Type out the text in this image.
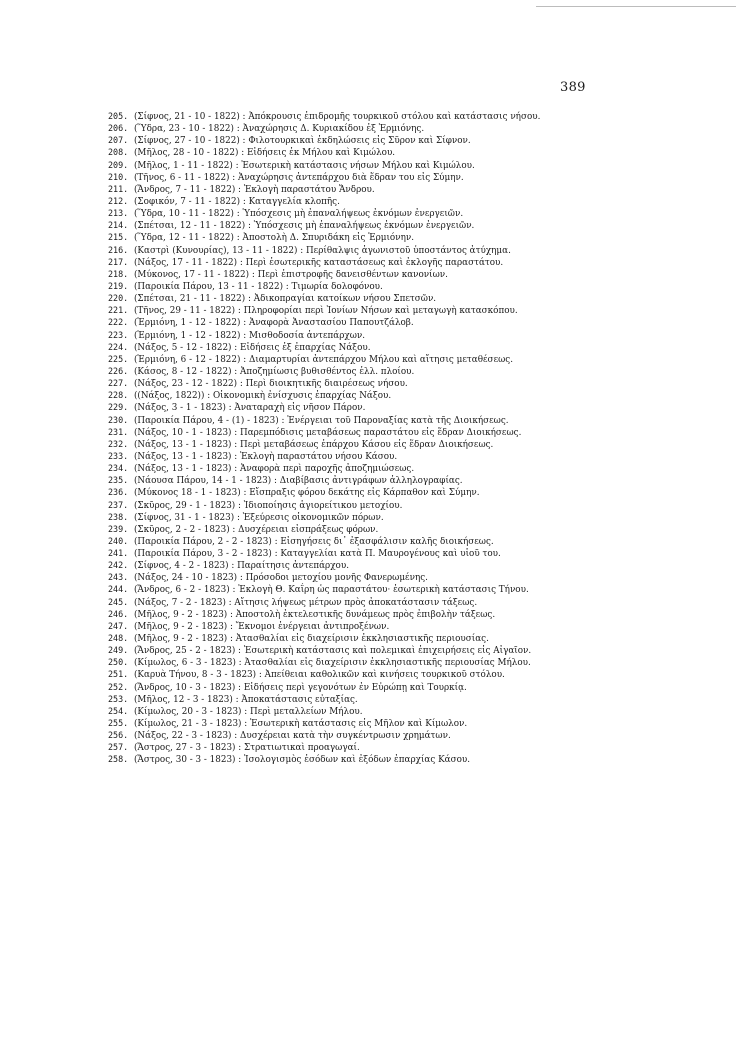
389
205. (Σίφνος, 21 - 10 - 1822) : Ἀπόκρουσις ἐπιδρομῆς τουρκικοῦ στόλου καὶ κατάστασις νήσου.
206. (Ὕδρα, 23 - 10 - 1822) : Ἀναχώρησις Δ. Κυριακίδου ἐξ Ἑρμιόνης.
207. (Σίφνος, 27 - 10 - 1822) : Φιλοτουρκικαὶ ἐκδηλώσεις εἰς Σῦρον καὶ Σίφνον.
208. (Μῆλος, 28 - 10 - 1822) : Εἰδήσεις ἐκ Μήλου καὶ Κιμώλου.
209. (Μῆλος, 1 - 11 - 1822) : Ἐσωτερικὴ κατάστασις νήσων Μήλου καὶ Κιμώλου.
210. (Τῆνος, 6 - 11 - 1822) : Ἀναχώρησις ἀντεπάρχου διὰ ἕδραν του εἰς Σύμην.
211. (Ἄνδρος, 7 - 11 - 1822) : Ἐκλογὴ παραστάτου Ἄνδρου.
212. (Σοφικόν, 7 - 11 - 1822) : Καταγγελία κλοπῆς.
213. (Ὕδρα, 10 - 11 - 1822) : Ὑπόσχεσις μὴ ἐπαναλήψεως ἐκνόμων ἐνεργειῶν.
214. (Σπέτσαι, 12 - 11 - 1822) : Ὑπόσχεσις μὴ ἐπαναλήψεως ἐκνόμων ἐνεργειῶν.
215. (Ὕδρα, 12 - 11 - 1822) : Ἀποστολὴ Δ. Σπυριδάκη εἰς Ἑρμιόνην.
216. (Καστρὶ (Κυνουρίας), 13 - 11 - 1822) : Περίθαλψις ἀγωνιστοῦ ὑποστάντος ἀτύχημα.
217. (Νάξος, 17 - 11 - 1822) : Περὶ ἐσωτερικῆς καταστάσεως καὶ ἐκλογῆς παραστάτου.
218. (Μύκονος, 17 - 11 - 1822) : Περὶ ἐπιστροφῆς δανεισθέντων κανονίων.
219. (Παροικία Πάρου, 13 - 11 - 1822) : Τιμωρία δολοφόνου.
220. (Σπέτσαι, 21 - 11 - 1822) : Ἀδικοπραγίαι κατοίκων νήσου Σπετσῶν.
221. (Τῆνος, 29 - 11 - 1822) : Πληροφορίαι περὶ Ἰονίων Νήσων καὶ μεταγωγὴ κατασκόπου.
222. (Ἑρμιόνη, 1 - 12 - 1822) : Ἀναφορὰ Ἀναστασίου Παπουτζάλοβ.
223. (Ἑρμιόνη, 1 - 12 - 1822) : Μισθοδοσία ἀντεπάρχων.
224. (Νάξος, 5 - 12 - 1822) : Εἰδήσεις ἐξ ἐπαρχίας Νάξου.
225. (Ἑρμιόνη, 6 - 12 - 1822) : Διαμαρτυρίαι ἀντεπάρχου Μήλου καὶ αἴτησις μεταθέσεως.
226. (Κάσος, 8 - 12 - 1822) : Ἀποζημίωσις βυθισθέντος ἑλλ. πλοίου.
227. (Νάξος, 23 - 12 - 1822) : Περὶ διοικητικῆς διαιρέσεως νήσου.
228. ((Νάξος, 1822)) : Οἰκονομικὴ ἐνίσχυσις ἐπαρχίας Νάξου.
229. (Νάξος, 3 - 1 - 1823) : Ἀναταραχὴ εἰς νῆσον Πάρον.
230. (Παροικία Πάρου, 4 - (1) - 1823) : Ἐνέργειαι τοῦ Παροναξίας κατὰ τῆς Διοικήσεως.
231. (Νάξος, 10 - 1 - 1823) : Παρεμπόδισις μεταβάσεως παραστάτου εἰς ἕδραν Διοικήσεως.
232. (Νάξος, 13 - 1 - 1823) : Περὶ μεταβάσεως ἐπάρχου Κάσου εἰς ἕδραν Διοικήσεως.
233. (Νάξος, 13 - 1 - 1823) : Ἐκλογὴ παραστάτου νήσου Κάσου.
234. (Νάξος, 13 - 1 - 1823) : Ἀναφορὰ περὶ παροχῆς ἀποζημιώσεως.
235. (Νάουσα Πάρου, 14 - 1 - 1823) : Διαβίβασις ἀντιγράφων ἀλληλογραφίας.
236. (Μύκονος 18 - 1 - 1823) : Εἴσπραξις φόρου δεκάτης εἰς Κάρπαθον καὶ Σύμην.
237. (Σκῦρος, 29 - 1 - 1823) : Ἰδιοποίησις ἁγιορείτικου μετοχίου.
238. (Σίφνος, 31 - 1 - 1823) : Ἐξεύρεσις οἰκονομικῶν πόρων.
239. (Σκῦρος, 2 - 2 - 1823) : Δυσχέρειαι εἰσπράξεως φόρων.
240. (Παροικία Πάρου, 2 - 2 - 1823) : Εἰσηγήσεις δι᾽ ἐξασφάλισιν καλῆς διοικήσεως.
241. (Παροικία Πάρου, 3 - 2 - 1823) : Καταγγελίαι κατὰ Π. Μαυρογένους καὶ υἱοῦ του.
242. (Σίφνος, 4 - 2 - 1823) : Παραίτησις ἀντεπάρχου.
243. (Νάξος, 24 - 10 - 1823) : Πρόσοδοι μετοχίου μονῆς Φανερωμένης.
244. (Ἄνδρος, 6 - 2 - 1823) : Ἐκλογὴ Θ. Καΐρη ὡς παραστάτου· ἐσωτερικὴ κατάστασις Τήνου.
245. (Νάξος, 7 - 2 - 1823) : Αἴτησις λήψεως μέτρων πρὸς ἀποκατάστασιν τάξεως.
246. (Μῆλος, 9 - 2 - 1823) : Ἀποστολὴ ἐκτελεστικῆς δυνάμεως πρὸς ἐπιβολὴν τάξεως.
247. (Μῆλος, 9 - 2 - 1823) : Ἔκνομοι ἐνέργειαι ἀντιπροξένων.
248. (Μῆλος, 9 - 2 - 1823) : Ἀτασθαλίαι εἰς διαχείρισιν ἐκκλησιαστικῆς περιουσίας.
249. (Ἄνδρος, 25 - 2 - 1823) : Ἐσωτερικὴ κατάστασις καὶ πολεμικαὶ ἐπιχειρήσεις εἰς Αἰγαῖον.
250. (Κίμωλος, 6 - 3 - 1823) : Ἀτασθαλίαι εἰς διαχείρισιν ἐκκλησιαστικῆς περιουσίας Μήλου.
251. (Καρυὰ Τήνου, 8 - 3 - 1823) : Ἀπείθειαι καθολικῶν καὶ κινήσεις τουρκικοῦ στόλου.
252. (Ἄνδρος, 10 - 3 - 1823) : Εἰδήσεις περὶ γεγονότων ἐν Εὐρώπῃ καὶ Τουρκίᾳ.
253. (Μῆλος, 12 - 3 - 1823) : Ἀποκατάστασις εὐταξίας.
254. (Κίμωλος, 20 - 3 - 1823) : Περὶ μεταλλείων Μήλου.
255. (Κίμωλος, 21 - 3 - 1823) : Ἐσωτερικὴ κατάστασις εἰς Μῆλον καὶ Κίμωλον.
256. (Νάξος, 22 - 3 - 1823) : Δυσχέρειαι κατὰ τὴν συγκέντρωσιν χρημάτων.
257. (Ἄστρος, 27 - 3 - 1823) : Στρατιωτικαὶ προαγωγαί.
258. (Ἄστρος, 30 - 3 - 1823) : Ἰσολογισμὸς ἐσόδων καὶ ἐξόδων ἐπαρχίας Κάσου.
